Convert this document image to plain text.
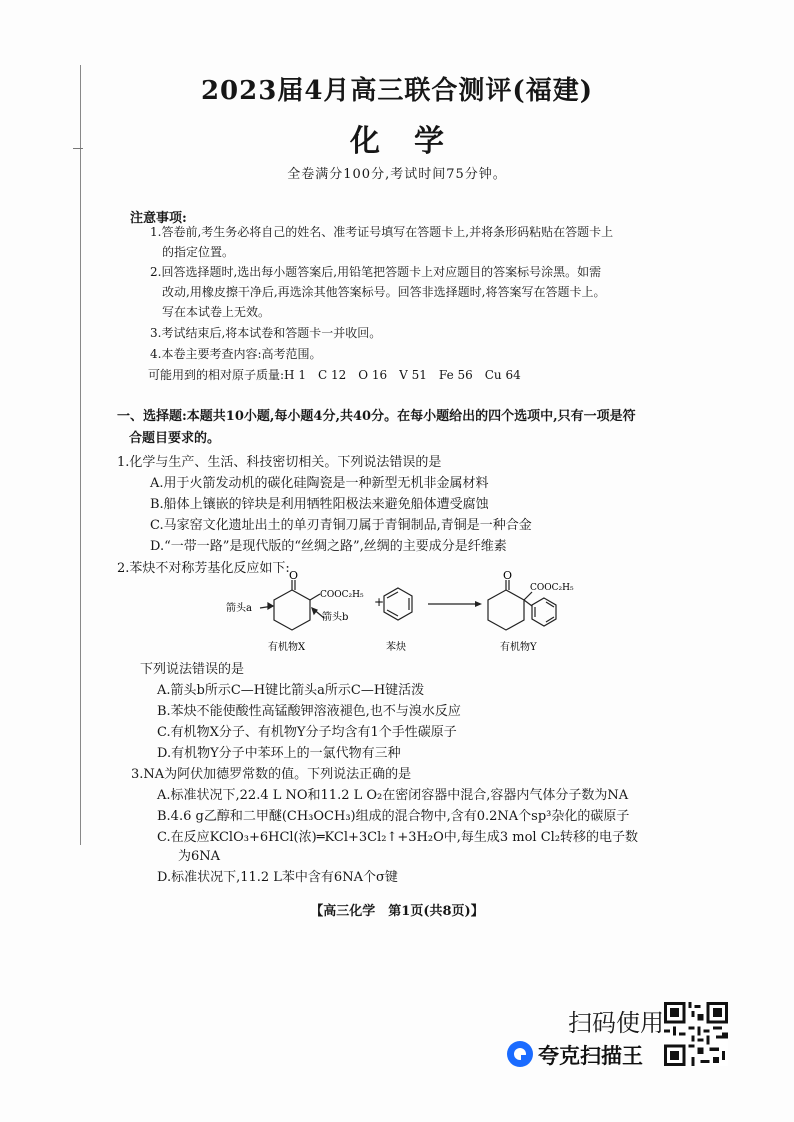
2023届4月高三联合测评(福建)
化学
全卷满分100分,考试时间75分钟。
注意事项:
1.答卷前,考生务必将自己的姓名、准考证号填写在答题卡上,并将条形码粘贴在答题卡上
的指定位置。
2.回答选择题时,选出每小题答案后,用铅笔把答题卡上对应题目的答案标号涂黑。如需
改动,用橡皮擦干净后,再选涂其他答案标号。回答非选择题时,将答案写在答题卡上。
写在本试卷上无效。
3.考试结束后,将本试卷和答题卡一并收回。
4.本卷主要考查内容:高考范围。
可能用到的相对原子质量:H 1　C 12　O 16　V 51　Fe 56　Cu 64
一、选择题:本题共10小题,每小题4分,共40分。在每小题给出的四个选项中,只有一项是符
合题目要求的。
1.化学与生产、生活、科技密切相关。下列说法错误的是
A.用于火箭发动机的碳化硅陶瓷是一种新型无机非金属材料
B.船体上镶嵌的锌块是利用牺牲阳极法来避免船体遭受腐蚀
C.马家窑文化遗址出土的单刃青铜刀属于青铜制品,青铜是一种合金
D.“一带一路”是现代版的“丝绸之路”,丝绸的主要成分是纤维素
2.苯炔不对称芳基化反应如下: O
COOC₂H₅
箭头a
箭头b
+
O
COOC₂H₅
有机物X	苯炔	有机物Y
下列说法错误的是
A.箭头b所示C—H键比箭头a所示C—H键活泼
B.苯炔不能使酸性高锰酸钾溶液褪色,也不与溴水反应
C.有机物X分子、有机物Y分子均含有1个手性碳原子
D.有机物Y分子中苯环上的一氯代物有三种
3.NA为阿伏加德罗常数的值。下列说法正确的是
A.标准状况下,22.4 L NO和11.2 L O₂在密闭容器中混合,容器内气体分子数为NA
B.4.6 g乙醇和二甲醚(CH₃OCH₃)组成的混合物中,含有0.2NA个sp³杂化的碳原子
C.在反应KClO₃+6HCl(浓)═KCl+3Cl₂↑+3H₂O中,每生成3 mol Cl₂转移的电子数
为6NA
D.标准状况下,11.2 L苯中含有6NA个σ键
【高三化学　第1页(共8页)】
扫码使用
夸克扫描王
